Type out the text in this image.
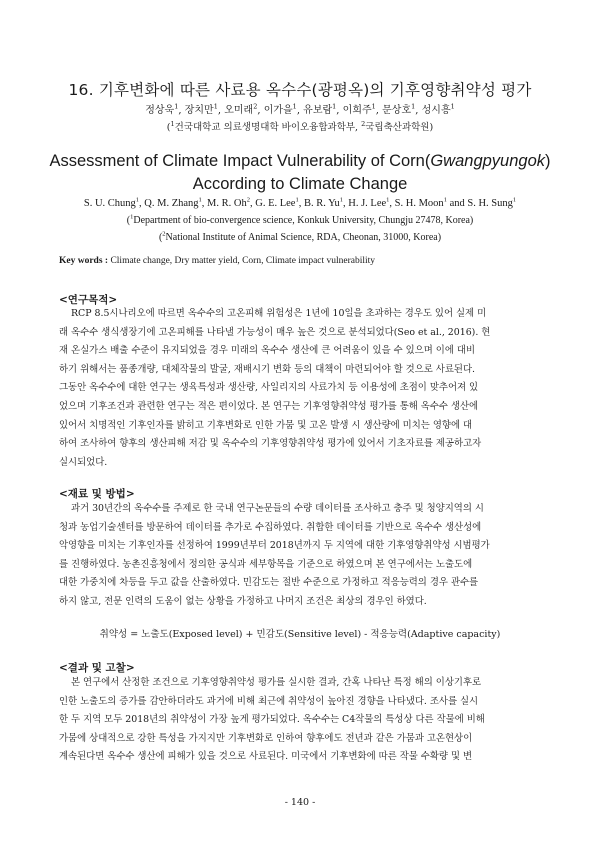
16. 기후변화에 따른 사료용 옥수수(광평옥)의 기후영향취약성 평가
정상욱$^1$, 장치만$^1$, 오미래$^2$, 이가을$^1$, 유보람$^1$, 이희주$^1$, 문상호$^1$, 성시흥$^1$
($^1$건국대학교 의료생명대학 바이오융합과학부, $^2$국립축산과학원)
Assessment of Climate Impact Vulnerability of Corn(Gwangpyungok)
According to Climate Change
S. U. Chung$^1$, Q. M. Zhang$^1$, M. R. Oh$^2$, G. E. Lee$^1$, B. R. Yu$^1$, H. J. Lee$^1$, S. H. Moon$^1$ and S. H. Sung$^1$
($^1$Department of bio-convergence science, Konkuk University, Chungju 27478, Korea)
($^2$National Institute of Animal Science, RDA, Cheonan, 31000, Korea)
Key words : Climate change, Dry matter yield, Corn, Climate impact vulnerability
<연구목적>
RCP 8.5시나리오에 따르면 옥수수의 고온피해 위험성은 1년에 10일을 초과하는 경우도 있어 실제 미
래 옥수수 생식생장기에 고온피해를 나타낼 가능성이 매우 높은 것으로 분석되었다(Seo et al., 2016). 현
재 온실가스 배출 수준이 유지되었을 경우 미래의 옥수수 생산에 큰 어려움이 있을 수 있으며 이에 대비
하기 위해서는 품종개량, 대체작물의 발굴, 재배시기 변화 등의 대책이 마련되어야 할 것으로 사료된다.
그동안 옥수수에 대한 연구는 생육특성과 생산량, 사일리지의 사료가치 등 이용성에 초점이 맞추어져 있
었으며 기후조건과 관련한 연구는 적은 편이었다. 본 연구는 기후영향취약성 평가를 통해 옥수수 생산에
있어서 치명적인 기후인자를 밝히고 기후변화로 인한 가뭄 및 고온 발생 시 생산량에 미치는 영향에 대
하여 조사하여 향후의 생산피해 저감 및 옥수수의 기후영향취약성 평가에 있어서 기초자료를 제공하고자
실시되었다.
<재료 및 방법>
과거 30년간의 옥수수를 주제로 한 국내 연구논문들의 수량 데이터를 조사하고 충주 및 청양지역의 시
청과 농업기술센터를 방문하여 데이터를 추가로 수집하였다. 취합한 데이터를 기반으로 옥수수 생산성에
악영향을 미치는 기후인자를 선정하여 1999년부터 2018년까지 두 지역에 대한 기후영향취약성 시범평가
를 진행하였다. 농촌진흥청에서 정의한 공식과 세부항목을 기준으로 하였으며 본 연구에서는 노출도에
대한 가중치에 차등을 두고 값을 산출하였다. 민감도는 절반 수준으로 가정하고 적응능력의 경우 관수를
하지 않고, 전문 인력의 도움이 없는 상황을 가정하고 나머지 조건은 최상의 경우인 하였다.
취약성 = 노출도(Exposed level) + 민감도(Sensitive level) - 적응능력(Adaptive capacity)
<결과 및 고찰>
본 연구에서 산정한 조건으로 기후영향취약성 평가를 실시한 결과, 간혹 나타난 특정 해의 이상기후로
인한 노출도의 증가를 감안하더라도 과거에 비해 최근에 취약성이 높아진 경향을 나타냈다. 조사를 실시
한 두 지역 모두 2018년의 취약성이 가장 높게 평가되었다. 옥수수는 C4작물의 특성상 다른 작물에 비해
가뭄에 상대적으로 강한 특성을 가지지만 기후변화로 인하여 향후에도 전년과 같은 가뭄과 고온현상이
계속된다면 옥수수 생산에 피해가 있을 것으로 사료된다. 미국에서 기후변화에 따른 작물 수확량 및 변
- 140 -
